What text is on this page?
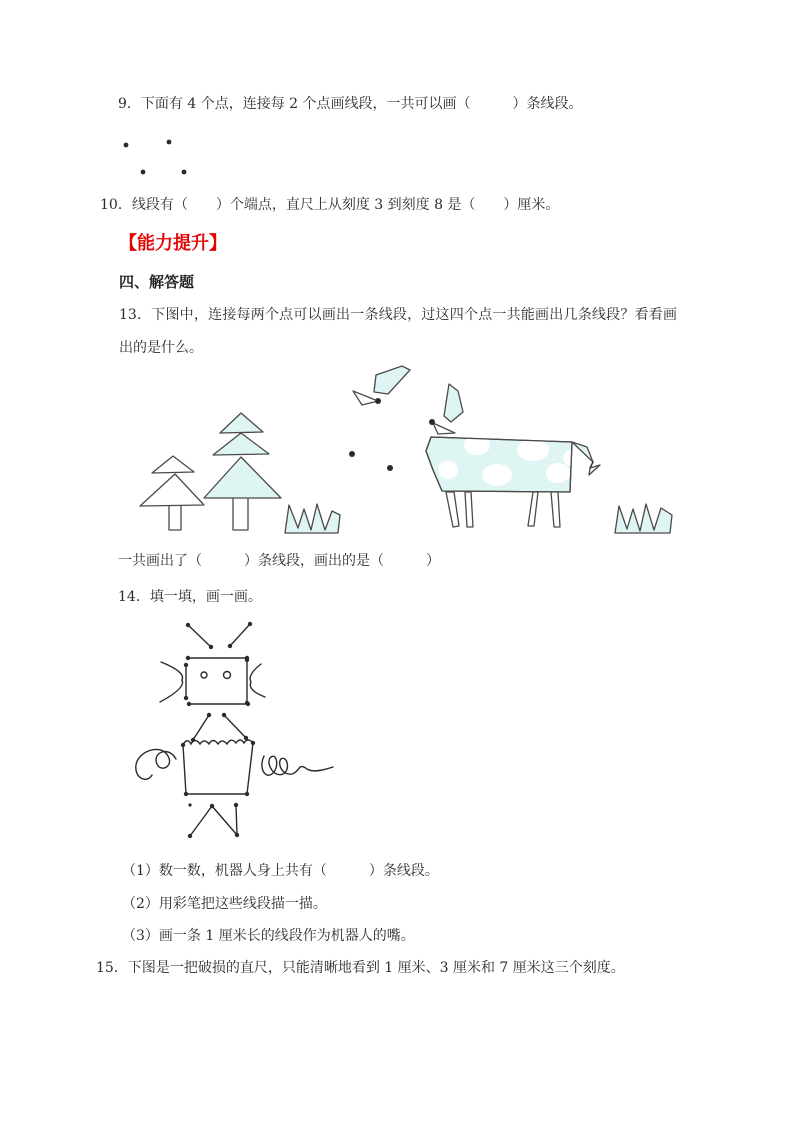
9．下面有 4 个点，连接每 2 个点画线段，一共可以画（　　　）条线段。
10．线段有（　　）个端点，直尺上从刻度 3 到刻度 8 是（　　）厘米。
【能力提升】
四、解答题
13．下图中，连接每两个点可以画出一条线段，过这四个点一共能画出几条线段？看看画出的是什么。
一共画出了（　　　）条线段，画出的是（　　　）
14．填一填，画一画。
（1）数一数，机器人身上共有（　　　）条线段。
（2）用彩笔把这些线段描一描。
（3）画一条 1 厘米长的线段作为机器人的嘴。
15．下图是一把破损的直尺，只能清晰地看到 1 厘米、3 厘米和 7 厘米这三个刻度。
